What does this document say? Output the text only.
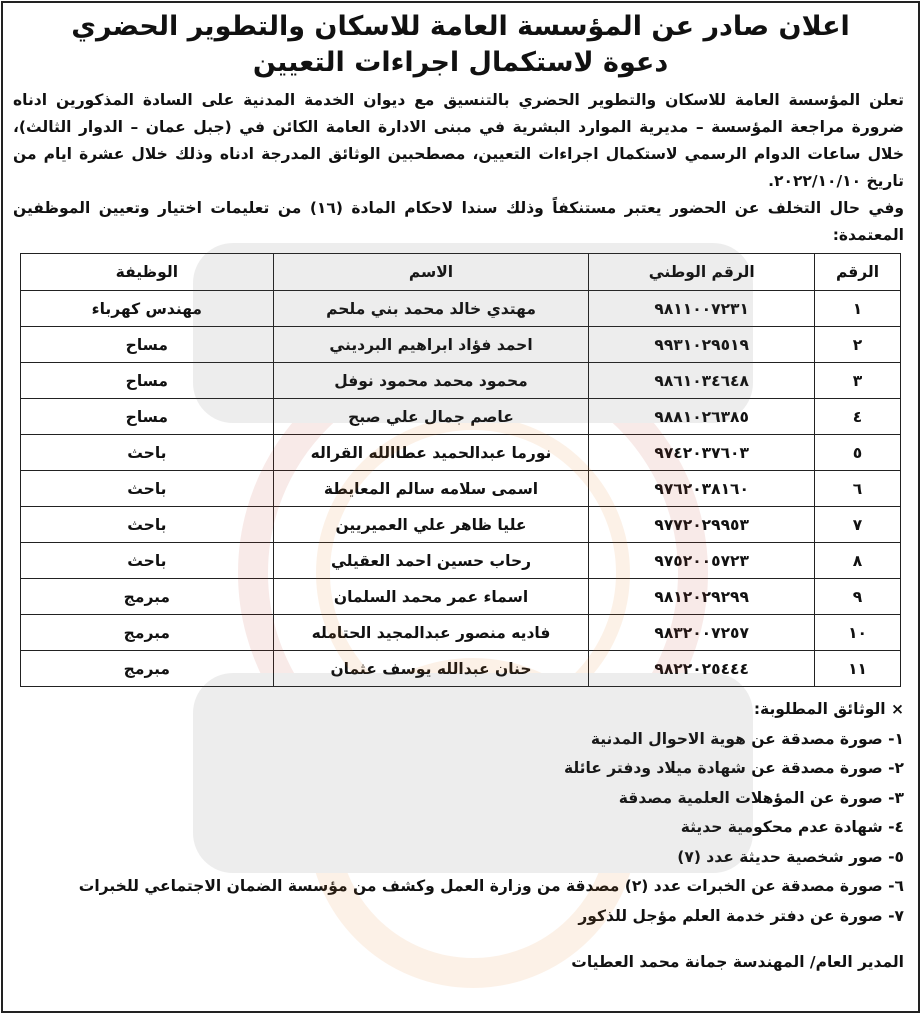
اعلان صادر عن المؤسسة العامة للاسكان والتطوير الحضري
دعوة لاستكمال اجراءات التعيين

تعلن المؤسسة العامة للاسكان والتطوير الحضري بالتنسيق مع ديوان الخدمة المدنية على السادة المذكورين ادناه ضرورة مراجعة المؤسسة – مديرية الموارد البشرية في مبنى الادارة العامة الكائن في (جبل عمان – الدوار الثالث)، خلال ساعات الدوام الرسمي لاستكمال اجراءات التعيين، مصطحبين الوثائق المدرجة ادناه وذلك خلال عشرة ايام من تاريخ ٢٠٢٢/١٠/١٠.

وفي حال التخلف عن الحضور يعتبر مستنكفاً وذلك سندا لاحكام المادة (١٦) من تعليمات اختيار وتعيين الموظفين المعتمدة:

الرقم	الرقم الوطني	الاسم	الوظيفة
١	٩٨١١٠٠٧٢٣١	مهتدي خالد محمد بني ملحم	مهندس كهرباء
٢	٩٩٣١٠٢٩٥١٩	احمد فؤاد ابراهيم البرديني	مساح
٣	٩٨٦١٠٣٤٦٤٨	محمود محمد محمود نوفل	مساح
٤	٩٨٨١٠٢٦٣٨٥	عاصم جمال علي صبح	مساح
٥	٩٧٤٢٠٣٧٦٠٣	نورما عبدالحميد عطاالله القراله	باحث
٦	٩٧٦٢٠٣٨١٦٠	اسمى سلامه سالم المعايطة	باحث
٧	٩٧٧٢٠٢٩٩٥٣	عليا ظاهر علي العميريين	باحث
٨	٩٧٥٢٠٠٥٧٢٣	رحاب حسين احمد العقيلي	باحث
٩	٩٨١٢٠٢٩٢٩٩	اسماء عمر محمد السلمان	مبرمج
١٠	٩٨٣٢٠٠٧٢٥٧	فاديه منصور عبدالمجيد الحتامله	مبرمج
١١	٩٨٢٢٠٢٥٤٤٤	حنان عبدالله يوسف عثمان	مبرمج

× الوثائق المطلوبة:

١- صورة مصدقة عن هوية الاحوال المدنية
٢- صورة مصدقة عن شهادة ميلاد ودفتر عائلة
٣- صورة عن المؤهلات العلمية مصدقة
٤- شهادة عدم محكومية حديثة
٥- صور شخصية حديثة عدد (٧)
٦- صورة مصدقة عن الخبرات عدد (٢) مصدقة من وزارة العمل وكشف من مؤسسة الضمان الاجتماعي للخبرات
٧- صورة عن دفتر خدمة العلم مؤجل للذكور
المدير العام/ المهندسة جمانة محمد العطيات
